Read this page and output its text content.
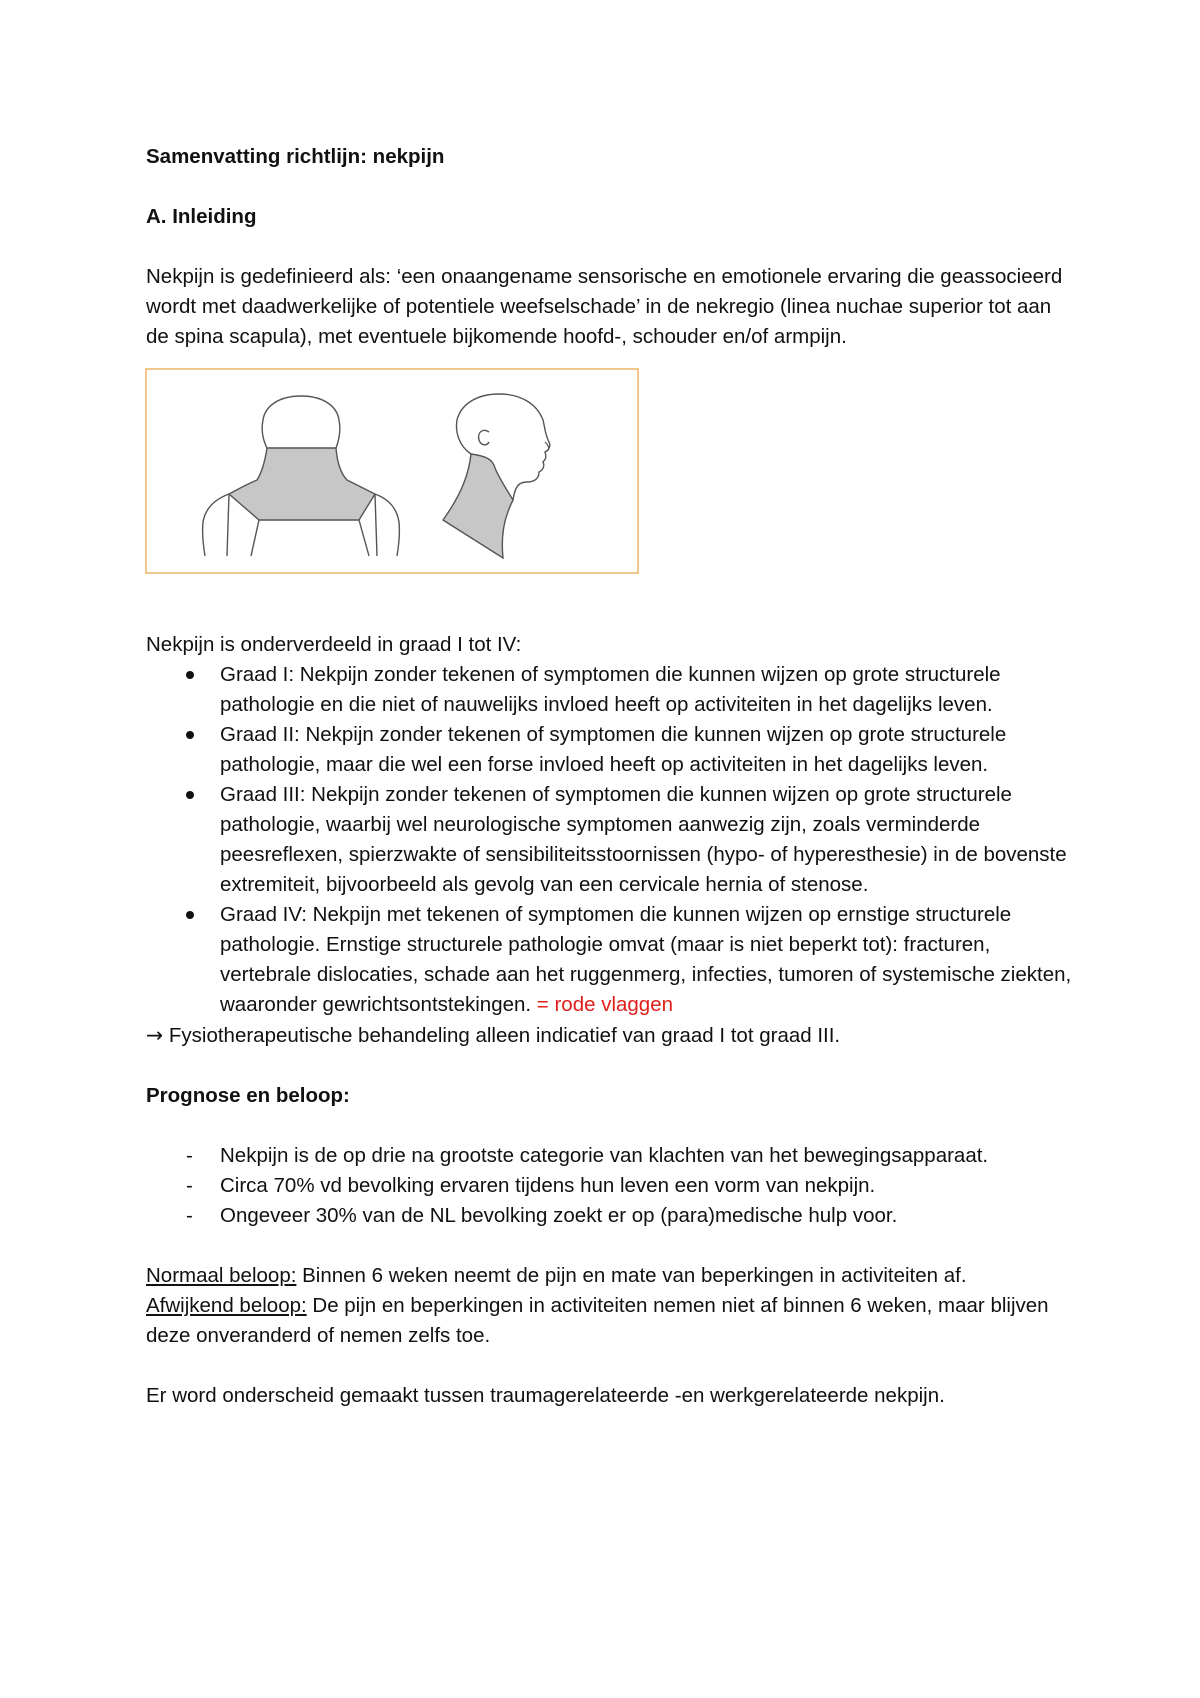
Samenvatting richtlijn: nekpijn

A. Inleiding

Nekpijn is gedefinieerd als: ‘een onaangename sensorische en emotionele ervaring die geassocieerd wordt met daadwerkelijke of potentiele weefselschade’ in de nekregio (linea nuchae superior tot aan de spina scapula), met eventuele bijkomende hoofd-, schouder en/of armpijn.

Nekpijn is onderverdeeld in graad I tot IV:

Graad I: Nekpijn zonder tekenen of symptomen die kunnen wijzen op grote structurele pathologie en die niet of nauwelijks invloed heeft op activiteiten in het dagelijks leven.
Graad II: Nekpijn zonder tekenen of symptomen die kunnen wijzen op grote structurele pathologie, maar die wel een forse invloed heeft op activiteiten in het dagelijks leven.
Graad III: Nekpijn zonder tekenen of symptomen die kunnen wijzen op grote structurele pathologie, waarbij wel neurologische symptomen aanwezig zijn, zoals verminderde peesreflexen, spierzwakte of sensibiliteitsstoornissen (hypo- of hyperesthesie) in de bovenste extremiteit, bijvoorbeeld als gevolg van een cervicale hernia of stenose.
Graad IV: Nekpijn met tekenen of symptomen die kunnen wijzen op ernstige structurele pathologie. Ernstige structurele pathologie omvat (maar is niet beperkt tot): fracturen, vertebrale dislocaties, schade aan het ruggenmerg, infecties, tumoren of systemische ziekten, waaronder gewrichtsontstekingen. = rode vlaggen

→ Fysiotherapeutische behandeling alleen indicatief van graad I tot graad III.

Prognose en beloop:

- Nekpijn is de op drie na grootste categorie van klachten van het bewegingsapparaat.
- Circa 70% vd bevolking ervaren tijdens hun leven een vorm van nekpijn.
- Ongeveer 30% van de NL bevolking zoekt er op (para)medische hulp voor.

Normaal beloop: Binnen 6 weken neemt de pijn en mate van beperkingen in activiteiten af.

Afwijkend beloop: De pijn en beperkingen in activiteiten nemen niet af binnen 6 weken, maar blijven deze onveranderd of nemen zelfs toe.

Er word onderscheid gemaakt tussen traumagerelateerde -en werkgerelateerde nekpijn.
